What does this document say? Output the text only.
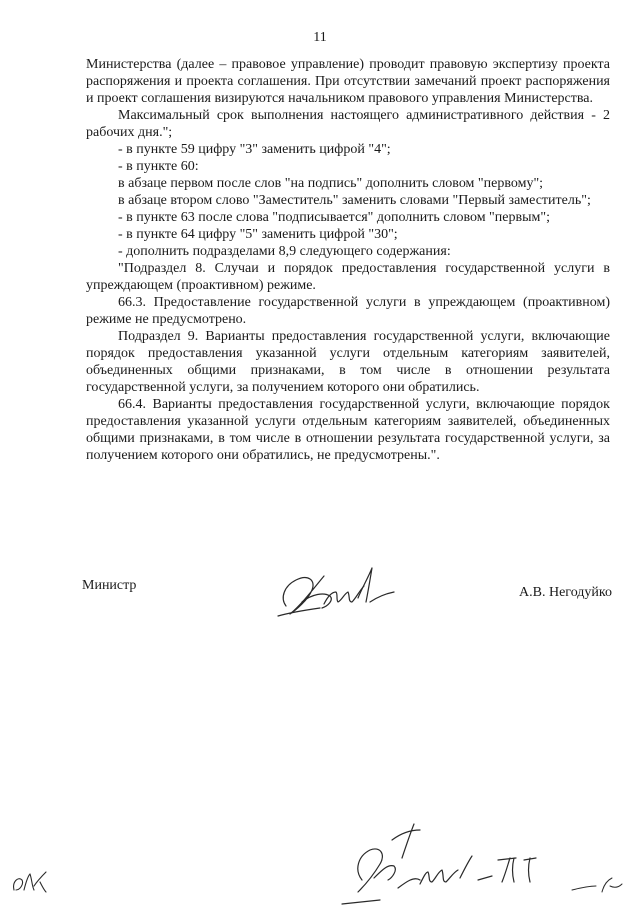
11

Министерства (далее – правовое управление) проводит правовую экспертизу проекта распоряжения и проекта соглашения. При отсутствии замечаний проект распоряжения и проект соглашения визируются начальником правового управления Министерства.

Максимальный срок выполнения настоящего административного действия - 2 рабочих дня.";

- в пункте 59 цифру "3" заменить цифрой "4";

- в пункте 60:

в абзаце первом после слов "на подпись" дополнить словом "первому";

в абзаце втором слово "Заместитель" заменить словами "Первый заместитель";

- в пункте 63 после слова "подписывается" дополнить словом "первым";

- в пункте 64 цифру "5" заменить цифрой "30";

- дополнить подразделами 8,9 следующего содержания:

"Подраздел 8. Случаи и порядок предоставления государственной услуги в упреждающем (проактивном) режиме.

66.3. Предоставление государственной услуги в упреждающем (проактивном) режиме не предусмотрено.

Подраздел 9. Варианты предоставления государственной услуги, включающие порядок предоставления указанной услуги отдельным категориям заявителей, объединенных общими признаками, в том числе в отношении результата государственной услуги, за получением которого они обратились.

66.4. Варианты предоставления государственной услуги, включающие порядок предоставления указанной услуги отдельным категориям заявителей, объединенных общими признаками, в том числе в отношении результата государственной услуги, за получением которого они обратились, не предусмотрены.".

Министр	А.В. Негодуйко
